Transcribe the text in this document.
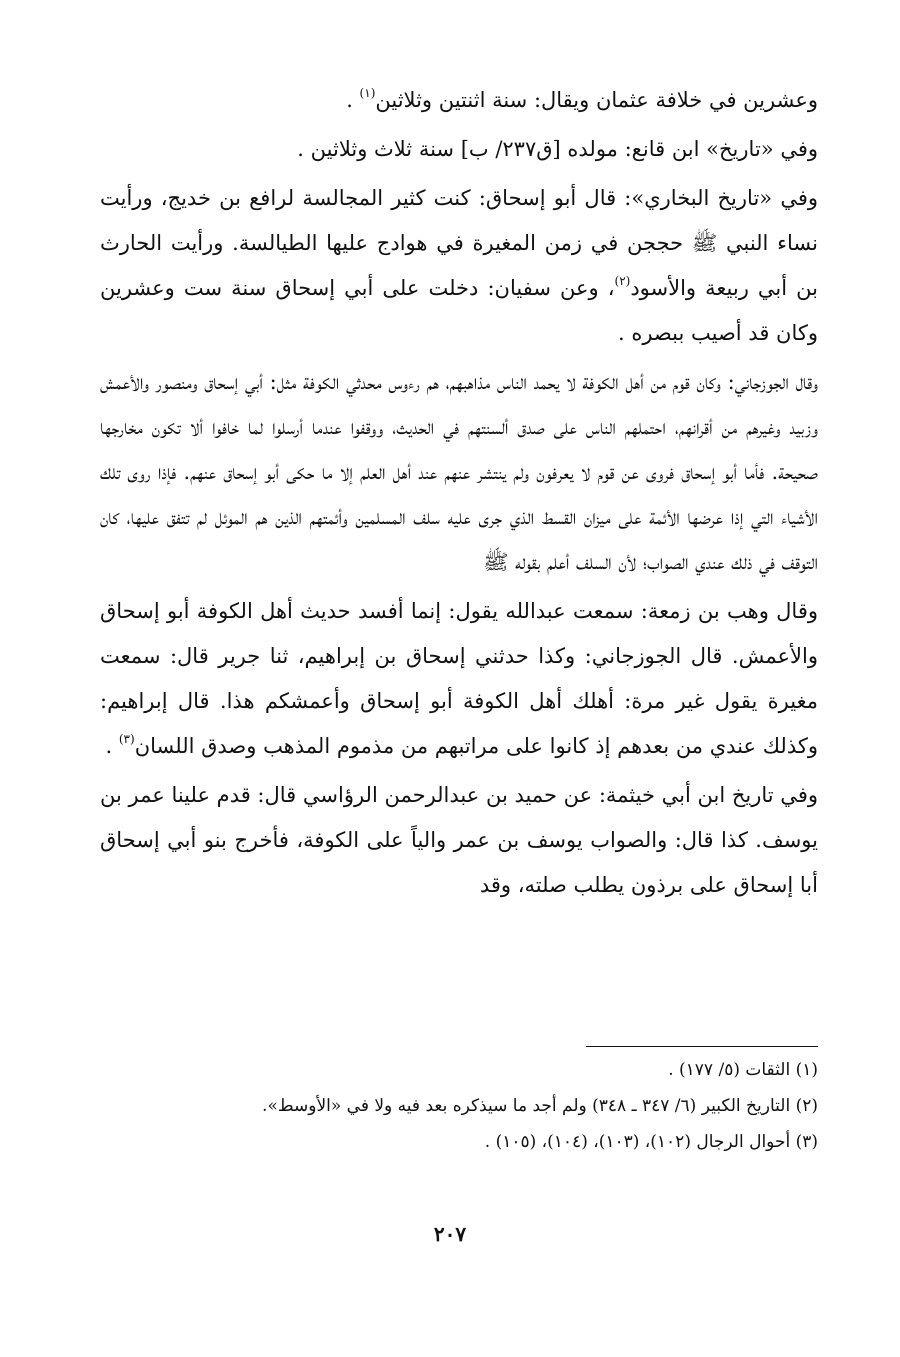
وعشرين في خلافة عثمان ويقال: سنة اثنتين وثلاثين$^{(١)}$ .

وفي «تاريخ» ابن قانع: مولده [ق٢٣٧/ ب] سنة ثلاث وثلاثين .

وفي «تاريخ البخاري»: قال أبو إسحاق: كنت كثير المجالسة لرافع بن خديج، ورأيت نساء النبي ﷺ حججن في زمن المغيرة في هوادج عليها الطيالسة. ورأيت الحارث بن أبي ربيعة والأسود$^{(٢)}$، وعن سفيان: دخلت على أبي إسحاق سنة ست وعشرين وكان قد أصيب ببصره .

وقال الجوزجاني: وكان قوم من أهل الكوفة لا يحمد الناس مذاهبهم، هم رءوس محدثي الكوفة مثل: أبي إسحاق ومنصور والأعمش وزبيد وغيرهم من أقرانهم، احتملهم الناس على صدق ألسنتهم في الحديث، ووقفوا عندما أرسلوا لما خافوا ألا تكون مخارجها صحيحة. فأما أبو إسحاق فروى عن قوم لا يعرفون ولم ينتشر عنهم عند أهل العلم إلا ما حكى أبو إسحاق عنهم. فإذا روى تلك الأشياء التي إذا عرضها الأئمة على ميزان القسط الذي جرى عليه سلف المسلمين وأئمتهم الذين هم الموئل لم تتفق عليها، كان التوقف في ذلك عندي الصواب؛ لأن السلف أعلم بقوله ﷺ

وقال وهب بن زمعة: سمعت عبدالله يقول: إنما أفسد حديث أهل الكوفة أبو إسحاق والأعمش. قال الجوزجاني: وكذا حدثني إسحاق بن إبراهيم، ثنا جرير قال: سمعت مغيرة يقول غير مرة: أهلك أهل الكوفة أبو إسحاق وأعمشكم هذا. قال إبراهيم: وكذلك عندي من بعدهم إذ كانوا على مراتبهم من مذموم المذهب وصدق اللسان$^{(٣)}$ .

وفي تاريخ ابن أبي خيثمة: عن حميد بن عبدالرحمن الرؤاسي قال: قدم علينا عمر بن يوسف. كذا قال: والصواب يوسف بن عمر والياً على الكوفة، فأخرج بنو أبي إسحاق أبا إسحاق على برذون يطلب صلته، وقد

(١) الثقات (٥/ ١٧٧) .
(٢) التاريخ الكبير (٦/ ٣٤٧ ـ ٣٤٨) ولم أجد ما سيذكره بعد فيه ولا في «الأوسط».
(٣) أحوال الرجال (١٠٢)، (١٠٣)، (١٠٤)، (١٠٥) .
٢٠٧
